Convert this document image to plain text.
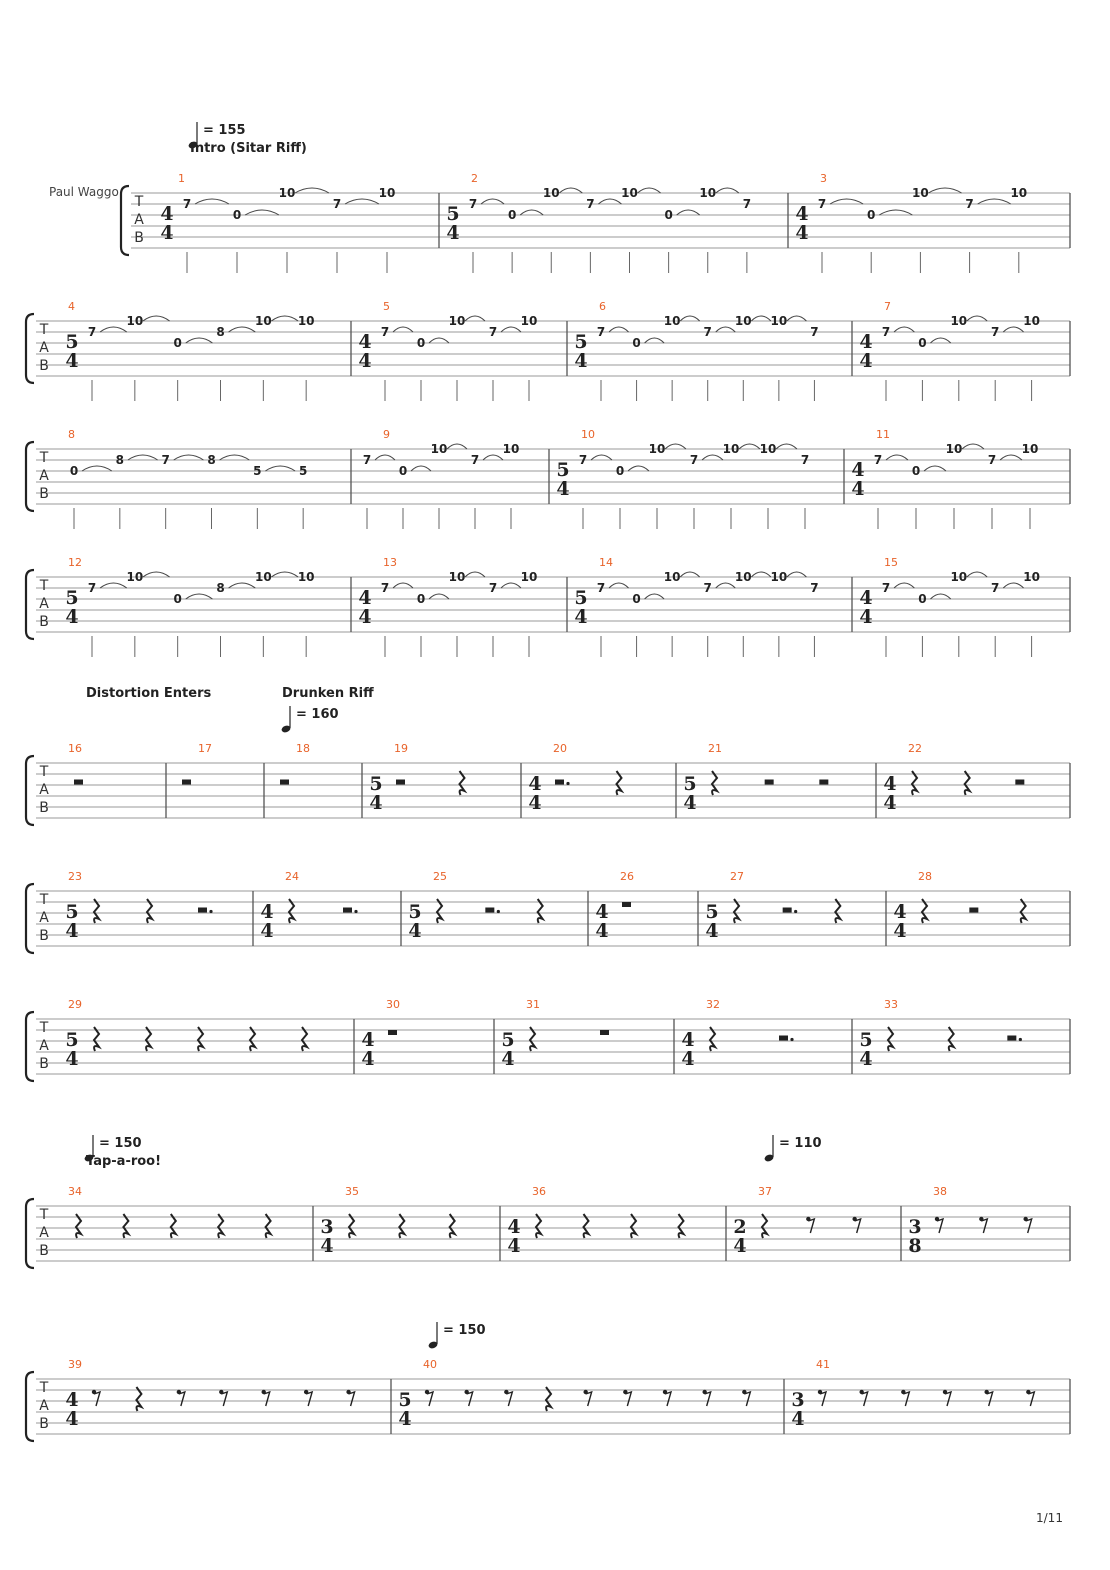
= 155
Intro (Sitar Riff)
Paul Waggo
Distortion Enters	Drunken Riff
= 160
= 150
Tap-a-roo!
= 110
= 150
T
A
B
1
4
4
7
0
10
7
10
2
5
4
7
0
10
7
10
0
10
7
3
4
4
7
0
10
7
10
T
A
B
4
5
4
7
10
0
8
10 10
5
4
4
7
0
10
7
10
6
5
4
7
0
10
7
10 10
7
7
4
4
7
0
10
7
10
T
A
B
8
0
8	7	8
5	5
9
7
0
10
7
10
10
5
4
7
0
10
7
10 10
7
11
4
4
7
0
10
7
10
T
A
B
12
5
4
7
10
0
8
10 10
13
4
4
7
0
10
7
10
14
5
4
7
0
10
7
10 10
7
15
4
4
7
0
10
7
10
T
A
B
16	17	18	19
5
4
20
4
4
21
5
4
22
4
4
T
A
B
23
5
4
24
4
4
25
5
4
26
4
4
27
5
4
28
4
4
T
A
B
29
5
4
30
4
4
31
5
4
32
4
4
33
5
4
T
A
B
34	35
3
4
36
4
4
37
2
4
38
3
8
T
A
B
39
4
4
40
5
4
41
3
4
1/11
